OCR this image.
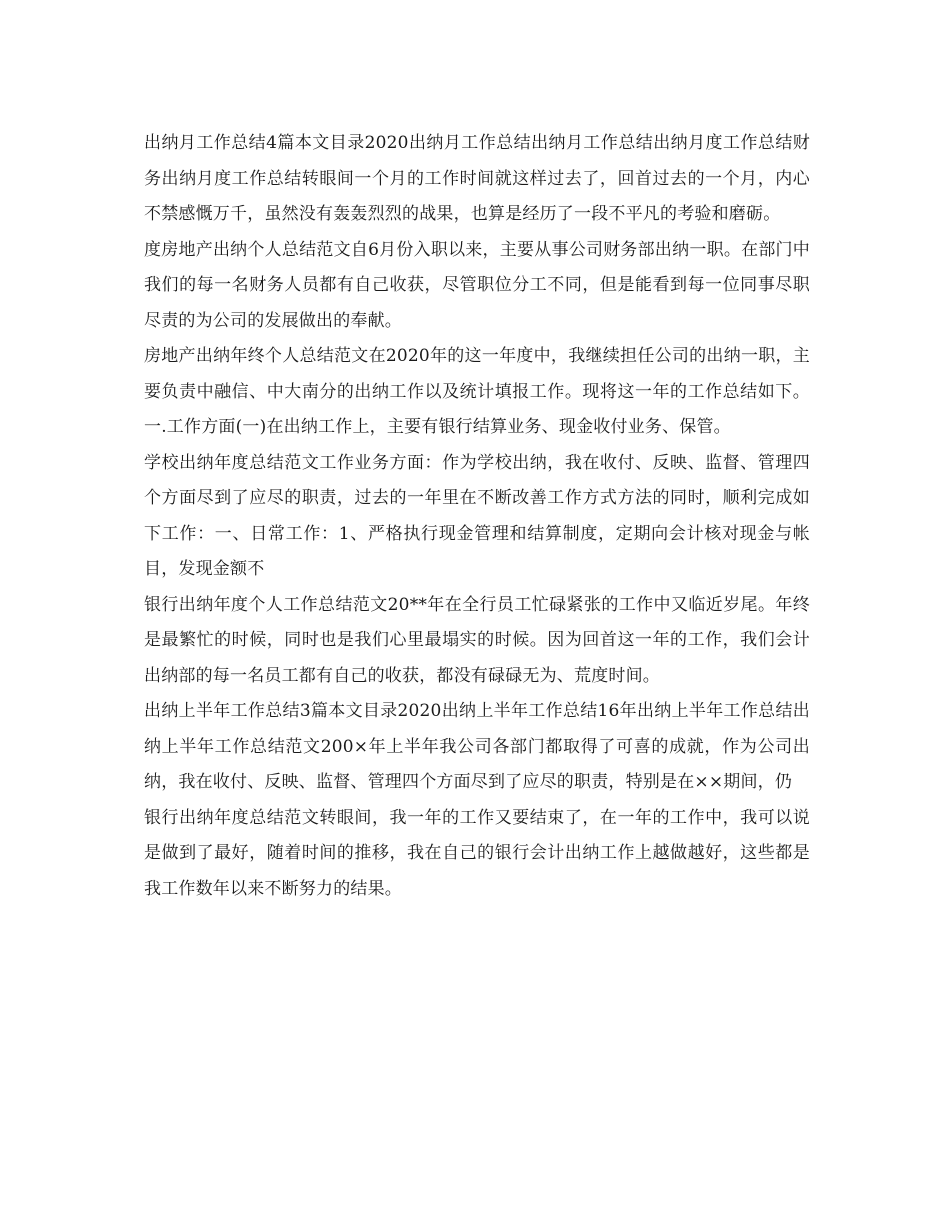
出纳月工作总结4篇本文目录2020出纳月工作总结出纳月工作总结出纳月度工作总结财务出纳月度工作总结转眼间一个月的工作时间就这样过去了，回首过去的一个月，内心不禁感慨万千，虽然没有轰轰烈烈的战果，也算是经历了一段不平凡的考验和磨砺。

度房地产出纳个人总结范文自6月份入职以来，主要从事公司财务部出纳一职。在部门中我们的每一名财务人员都有自己收获，尽管职位分工不同，但是能看到每一位同事尽职尽责的为公司的发展做出的奉献。

房地产出纳年终个人总结范文在2020年的这一年度中，我继续担任公司的出纳一职，主要负责中融信、中大南分的出纳工作以及统计填报工作。现将这一年的工作总结如下。一.工作方面(一)在出纳工作上，主要有银行结算业务、现金收付业务、保管。

学校出纳年度总结范文工作业务方面：作为学校出纳，我在收付、反映、监督、管理四个方面尽到了应尽的职责，过去的一年里在不断改善工作方式方法的同时，顺利完成如下工作：一、日常工作：1、严格执行现金管理和结算制度，定期向会计核对现金与帐目，发现金额不

银行出纳年度个人工作总结范文20**年在全行员工忙碌紧张的工作中又临近岁尾。年终是最繁忙的时候，同时也是我们心里最塌实的时候。因为回首这一年的工作，我们会计出纳部的每一名员工都有自己的收获，都没有碌碌无为、荒度时间。

出纳上半年工作总结3篇本文目录2020出纳上半年工作总结16年出纳上半年工作总结出纳上半年工作总结范文200×年上半年我公司各部门都取得了可喜的成就，作为公司出纳，我在收付、反映、监督、管理四个方面尽到了应尽的职责，特别是在××期间，仍

银行出纳年度总结范文转眼间，我一年的工作又要结束了，在一年的工作中，我可以说是做到了最好，随着时间的推移，我在自己的银行会计出纳工作上越做越好，这些都是我工作数年以来不断努力的结果。
